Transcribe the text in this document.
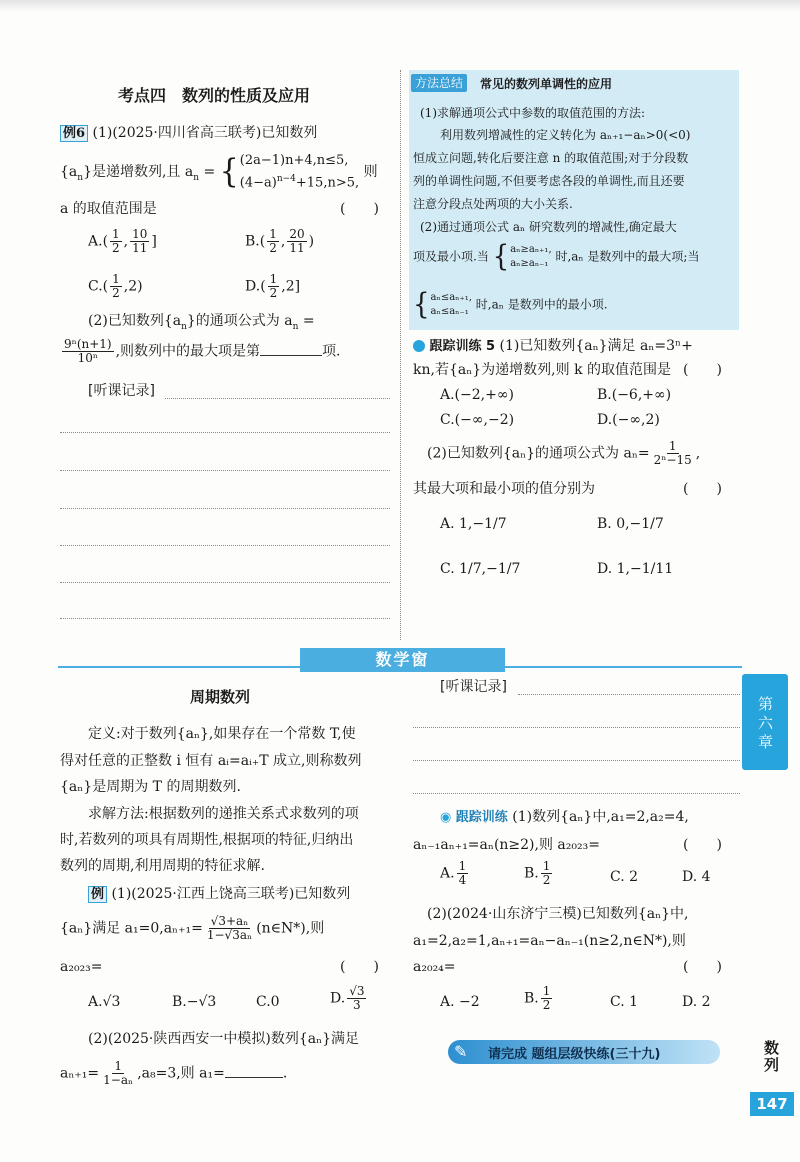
考点四　数列的性质及应用
例6 (1)(2025·四川省高三联考)已知数列
$\{a_n\}$是递增数列,且 $a_n = \{(2a-1)n+4,n\le 5$,
$(4-a)^{n-4}+15,n>5$, 则
a 的取值范围是	(　　)
$A.( \frac{1}{2}$ , $\frac{10}{11}$ ]	$B.( \frac{1}{2}$ , $\frac{20}{11}$ )
$C.( \frac{1}{2} ,2)$	$D.( \frac{1}{2} ,2]$
(2)已知数列$\{a_n\}$的通项公式为 $a_n$ =
$\frac{\text{9ⁿ(n+1)}}{\text{10ⁿ}}$ ,则数列中的最大项是第	项.
[听课记录]
方法总结	常见的数列单调性的应用
(1)求解通项公式中参数的取值范围的方法:
利用数列增减性的定义转化为 aₙ₊₁−aₙ>0(<0)
恒成立问题,转化后要注意 n 的取值范围;对于分段数
列的单调性问题,不但要考虑各段的单调性,而且还要
注意分段点处两项的大小关系.
(2)通过通项公式 aₙ 研究数列的增减性,确定最大
项及最小项.当 {aₙ≥aₙ₊₁,
aₙ≥aₙ₋₁ 时,aₙ 是数列中的最大项;当
{aₙ≤aₙ₊₁,
aₙ≤aₙ₋₁ 时,aₙ 是数列中的最小项.
跟踪训练 5 (1)已知数列{aₙ}满足 aₙ=3ⁿ+
kn,若{aₙ}为递增数列,则 k 的取值范围是 (　　)
A.(−2,+∞)	B.(−6,+∞)
C.(−∞,−2)	D.(−∞,2)
(2)已知数列{aₙ}的通项公式为 $a_n= \frac{1}{\text{2ⁿ−15}}$ ,
其最大项和最小项的值分别为	(　　)
A. 1,−1/7	B. 0,−1/7
C. 1/7,−1/7	D. 1,−1/11
数学窗
周期数列
定义:对于数列{aₙ},如果存在一个常数 T,使
得对任意的正整数 i 恒有 aᵢ=aᵢ₊T 成立,则称数列
{aₙ}是周期为 T 的周期数列.
求解方法:根据数列的递推关系式求数列的项
时,若数列的项具有周期性,根据项的特征,归纳出
数列的周期,利用周期的特征求解.
例 (1)(2025·江西上饶高三联考)已知数列
{aₙ}满足 $a_1=0,a_{n+1}= \frac{\text{√3+aₙ}}{\text{1−√3aₙ}}$ (n∈N*),则
a₂₀₂₃=	(　　)
A.√3	B.−√3	C.0	D. $\frac{√3}{3}$
(2)(2025·陕西西安一中模拟)数列{aₙ}满足
$a_{n+1}= \frac{1}{\text{1−aₙ}} ,a_8=3$,则 a₁=	.
[听课记录]
◉ 跟踪训练 (1)数列{aₙ}中,a₁=2,a₂=4,
aₙ₋₁aₙ₊₁=aₙ(n≥2),则 a₂₀₂₃=	(　　)
A. $\frac{1}{4}$	B. $\frac{1}{2}$	C. 2	D. 4
(2)(2024·山东济宁三模)已知数列{aₙ}中,
a₁=2,a₂=1,aₙ₊₁=aₙ−aₙ₋₁(n≥2,n∈N*),则
a₂₀₂₄=	(　　)
A. −2	B. $\frac{1}{2}$	C. 1	D. 2
✎ 请完成 题组层级快练(三十九)
第六章
数列
147
